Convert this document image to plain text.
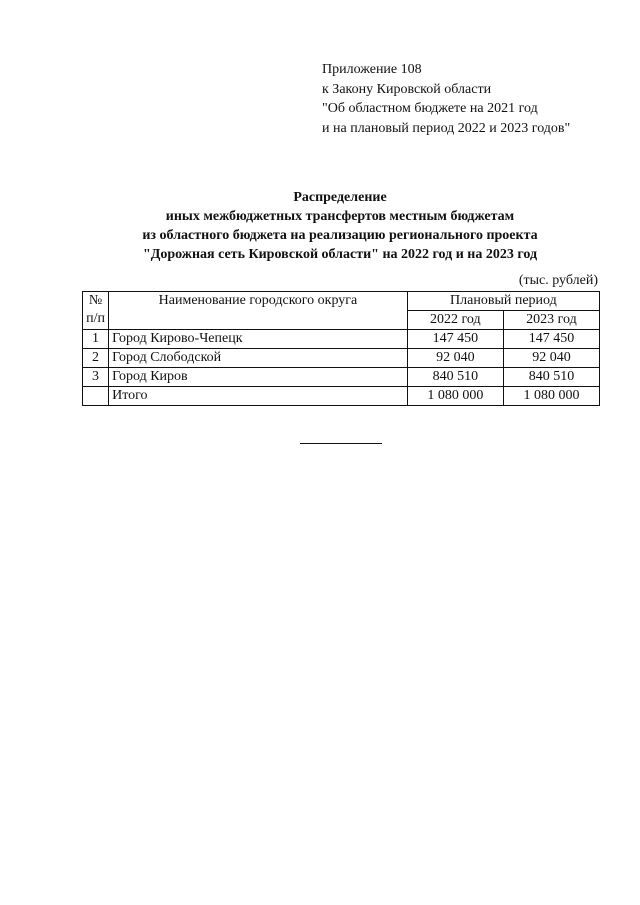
Приложение 108
к Закону Кировской области
"Об областном бюджете на 2021 год
и на плановый период 2022 и 2023 годов"
Распределение
иных межбюджетных трансфертов местным бюджетам
из областного бюджета на реализацию регионального проекта
"Дорожная сеть Кировской области" на 2022 год и на 2023 год
(тыс. рублей)
№
п/п	Наименование городского округа	Плановый период	
		2022 год	2023 год
1	Город Кирово-Чепецк	147 450	147 450
2	Город Слободской	92 040	92 040
3	Город Киров	840 510	840 510
	Итого	1 080 000	1 080 000
